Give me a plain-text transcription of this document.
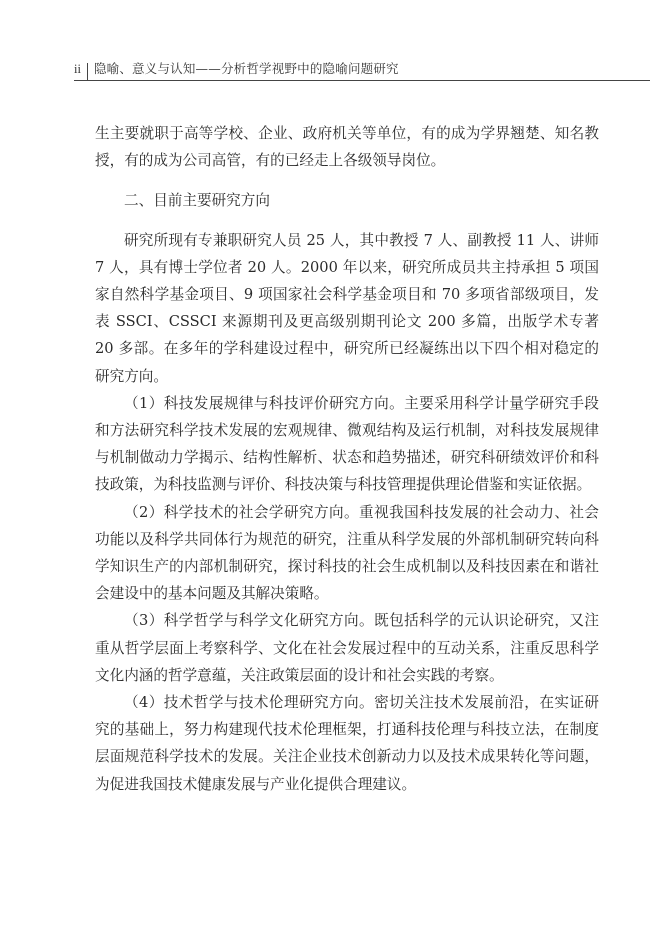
ii	隐喻、意义与认知——分析哲学视野中的隐喻问题研究

生主要就职于高等学校、企业、政府机关等单位，有的成为学界翘楚、知名教授，有的成为公司高管，有的已经走上各级领导岗位。

二、目前主要研究方向

研究所现有专兼职研究人员 25 人，其中教授 7 人、副教授 11 人、讲师 7 人，具有博士学位者 20 人。2000 年以来，研究所成员共主持承担 5 项国家自然科学基金项目、9 项国家社会科学基金项目和 70 多项省部级项目，发表 SSCI、CSSCI 来源期刊及更高级别期刊论文 200 多篇，出版学术专著 20 多部。在多年的学科建设过程中，研究所已经凝练出以下四个相对稳定的研究方向。

（1）科技发展规律与科技评价研究方向。主要采用科学计量学研究手段和方法研究科学技术发展的宏观规律、微观结构及运行机制，对科技发展规律与机制做动力学揭示、结构性解析、状态和趋势描述，研究科研绩效评价和科技政策，为科技监测与评价、科技决策与科技管理提供理论借鉴和实证依据。

（2）科学技术的社会学研究方向。重视我国科技发展的社会动力、社会功能以及科学共同体行为规范的研究，注重从科学发展的外部机制研究转向科学知识生产的内部机制研究，探讨科技的社会生成机制以及科技因素在和谐社会建设中的基本问题及其解决策略。

（3）科学哲学与科学文化研究方向。既包括科学的元认识论研究，又注重从哲学层面上考察科学、文化在社会发展过程中的互动关系，注重反思科学文化内涵的哲学意蕴，关注政策层面的设计和社会实践的考察。

（4）技术哲学与技术伦理研究方向。密切关注技术发展前沿，在实证研究的基础上，努力构建现代技术伦理框架，打通科技伦理与科技立法，在制度层面规范科学技术的发展。关注企业技术创新动力以及技术成果转化等问题，为促进我国技术健康发展与产业化提供合理建议。
